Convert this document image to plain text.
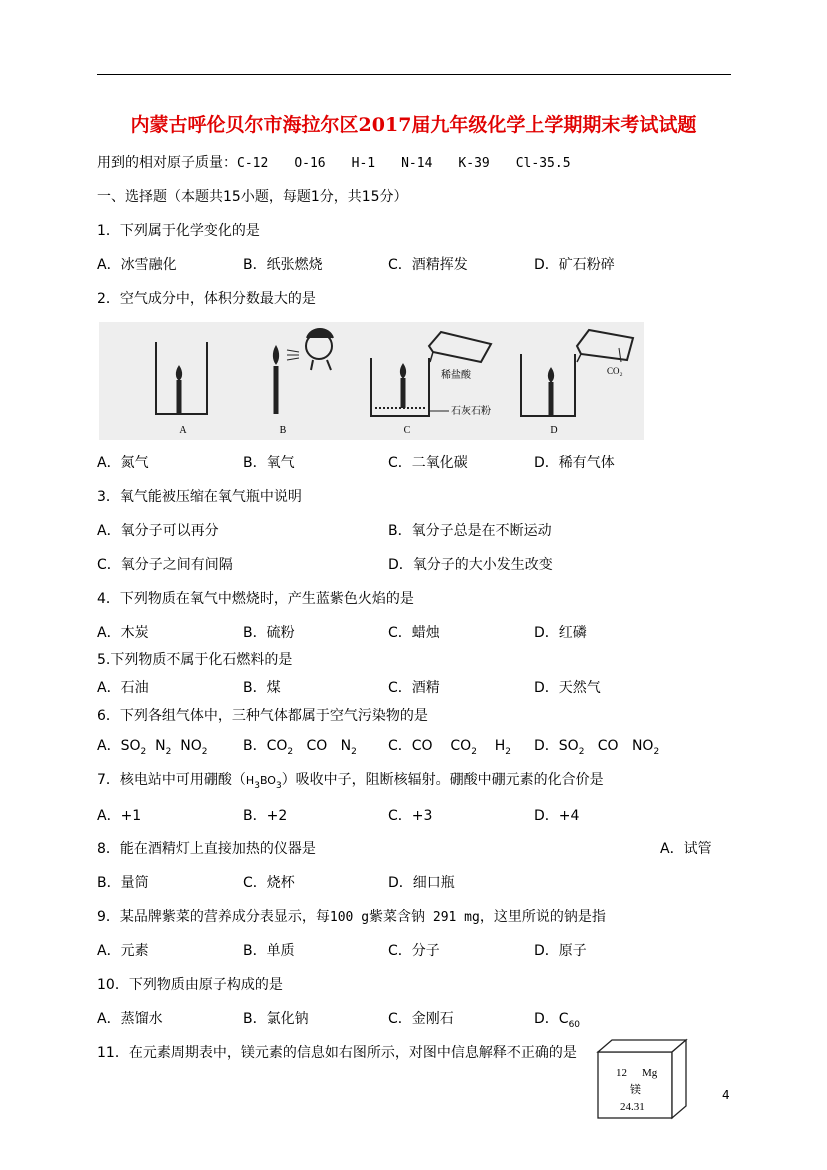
内蒙古呼伦贝尔市海拉尔区2017届九年级化学上学期期末考试试题
用到的相对原子质量：C-12 O-16 H-1 N-14 K-39 Cl-35.5
一、选择题（本题共15小题，每题1分，共15分）
1．下列属于化学变化的是
A．冰雪融化	B．纸张燃烧	C．酒精挥发	D．矿石粉碎
2．空气成分中，体积分数最大的是
A	B
稀盐酸
石灰石粉
C
CO₂
D
A．氮气	B．氧气	C．二氧化碳	D．稀有气体
3．氧气能被压缩在氧气瓶中说明
A．氧分子可以再分	B．氧分子总是在不断运动
C．氧分子之间有间隔	D．氧分子的大小发生改变
4．下列物质在氧气中燃烧时，产生蓝紫色火焰的是
A．木炭	B．硫粉	C．蜡烛	D．红磷
5.下列物质不属于化石燃料的是
A．石油	B．煤	C．酒精	D．天然气
6．下列各组气体中，三种气体都属于空气污染物的是
A．$SO_2$ $N_2$ $NO_2$	B．$CO_2$ CO $N_2$ C．CO $CO_2$ $H_2$ D．$SO_2$ CO $NO_2$
7．核电站中可用硼酸$(H_3BO_3)$吸收中子，阻断核辐射。硼酸中硼元素的化合价是
A．+1	B．+2	C．+3	D．+4
8．能在酒精灯上直接加热的仪器是	A．试管
B．量筒	C．烧杯	D．细口瓶
9．某品牌紫菜的营养成分表显示，每100 g紫菜含钠 291 mg，这里所说的钠是指
A．元素	B．单质	C．分子	D．原子
10．下列物质由原子构成的是
A．蒸馏水	B．氯化钠	C．金刚石	D．$C_{60}$
11．在元素周期表中，镁元素的信息如右图所示，对图中信息解释不正确的是
12 Mg
镁
24.31
4
